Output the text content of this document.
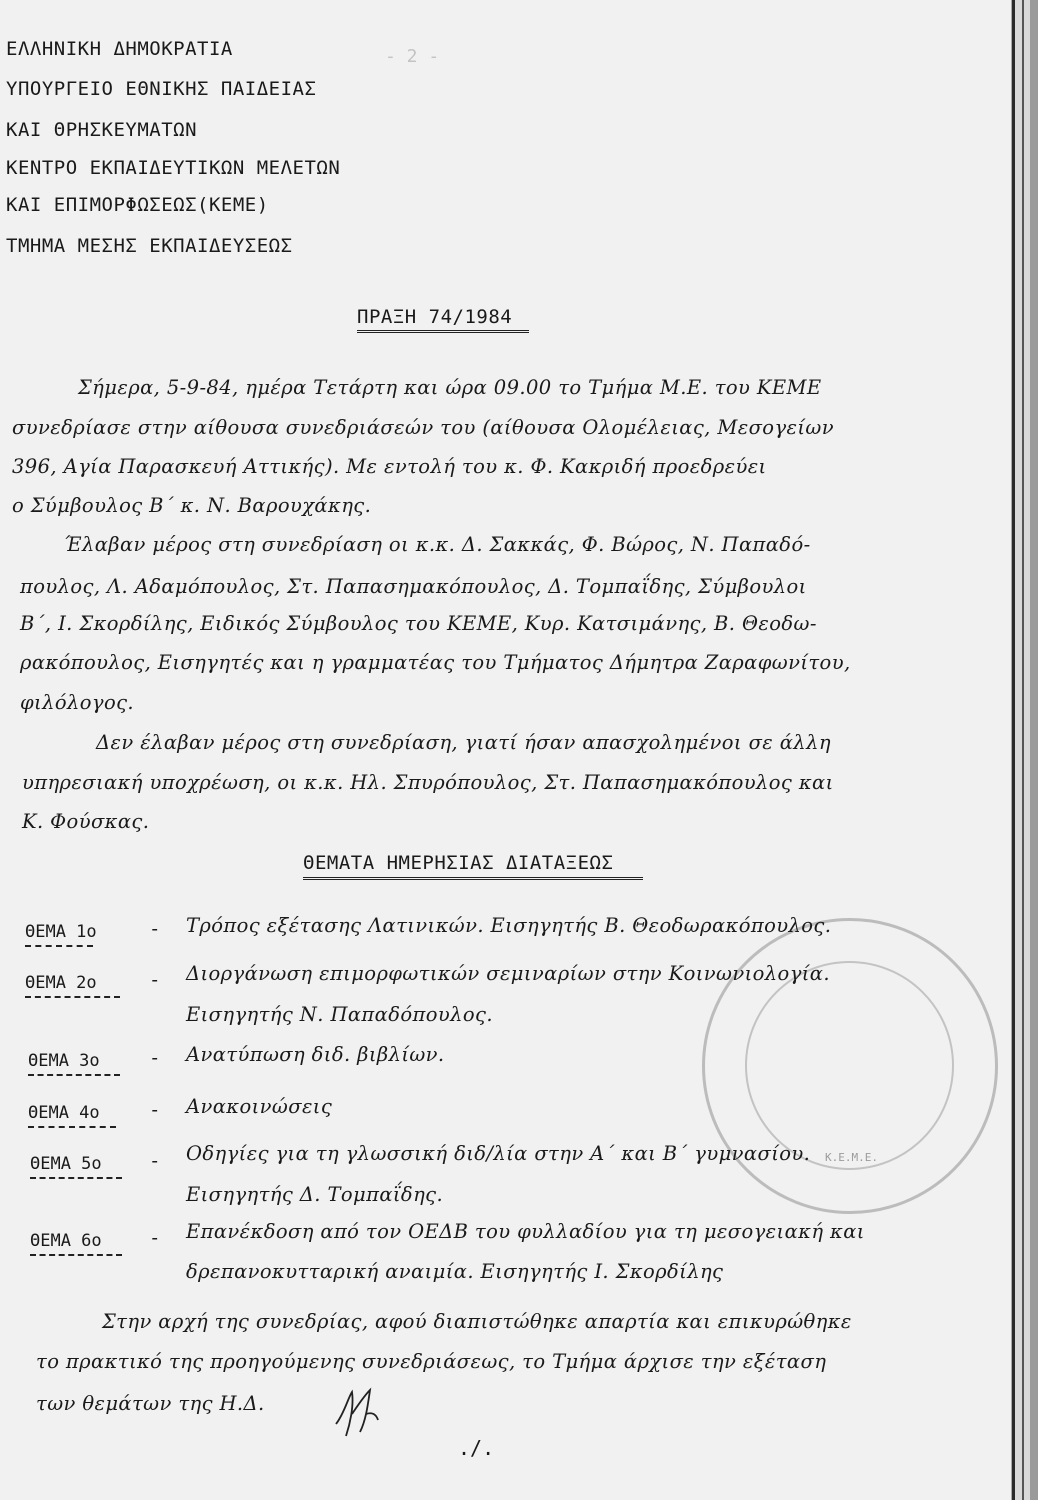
- 2 -
ΕΛΛΗΝΙΚΗ ΔΗΜΟΚΡΑΤΙΑ
ΥΠΟΥΡΓΕΙΟ ΕΘΝΙΚΗΣ ΠΑΙΔΕΙΑΣ
ΚΑΙ ΘΡΗΣΚΕΥΜΑΤΩΝ
ΚΕΝΤΡΟ ΕΚΠΑΙΔΕΥΤΙΚΩΝ ΜΕΛΕΤΩΝ
ΚΑΙ ΕΠΙΜΟΡΦΩΣΕΩΣ(ΚΕΜΕ)
ΤΜΗΜΑ ΜΕΣΗΣ ΕΚΠΑΙΔΕΥΣΕΩΣ
ΠΡΑΞΗ 74/1984
Σήμερα, 5-9-84, ημέρα Τετάρτη και ώρα 09.00 το Τμήμα Μ.Ε. του ΚΕΜΕ
συνεδρίασε στην αίθουσα συνεδριάσεών του (αίθουσα Ολομέλειας, Μεσογείων
396, Αγία Παρασκευή Αττικής). Με εντολή του κ. Φ. Κακριδή προεδρεύει
ο Σύμβουλος Β΄ κ. Ν. Βαρουχάκης.
Έλαβαν μέρος στη συνεδρίαση οι κ.κ. Δ. Σακκάς, Φ. Βώρος, Ν. Παπαδό-
πουλος, Λ. Αδαμόπουλος, Στ. Παπασημακόπουλος, Δ. Τομπαΐδης, Σύμβουλοι
Β΄, Ι. Σκορδίλης, Ειδικός Σύμβουλος του ΚΕΜΕ, Κυρ. Κατσιμάνης, Β. Θεοδω-
ρακόπουλος, Εισηγητές και η γραμματέας του Τμήματος Δήμητρα Ζαραφωνίτου,
φιλόλογος.
Δεν έλαβαν μέρος στη συνεδρίαση, γιατί ήσαν απασχολημένοι σε άλλη
υπηρεσιακή υποχρέωση, οι κ.κ. Ηλ. Σπυρόπουλος, Στ. Παπασημακόπουλος και
Κ. Φούσκας.
ΘΕΜΑΤΑ ΗΜΕΡΗΣΙΑΣ ΔΙΑΤΑΞΕΩΣ
Κ.Ε.Μ.Ε.
ΘΕΜΑ 1ο	- Τρόπος εξέτασης Λατινικών. Εισηγητής Β. Θεοδωρακόπουλος.
ΘΕΜΑ 2ο	- Διοργάνωση επιμορφωτικών σεμιναρίων στην Κοινωνιολογία.
Εισηγητής Ν. Παπαδόπουλος.
ΘΕΜΑ 3ο	- Ανατύπωση διδ. βιβλίων.
ΘΕΜΑ 4ο	- Ανακοινώσεις
ΘΕΜΑ 5ο - Οδηγίες για τη γλωσσική διδ/λία στην Α΄ και Β΄ γυμνασίου.
Εισηγητής Δ. Τομπαΐδης.
ΘΕΜΑ 6ο - Επανέκδοση από τον ΟΕΔΒ του φυλλαδίου για τη μεσογειακή και
δρεπανοκυτταρική αναιμία. Εισηγητής Ι. Σκορδίλης
Στην αρχή της συνεδρίας, αφού διαπιστώθηκε απαρτία και επικυρώθηκε
το πρακτικό της προηγούμενης συνεδριάσεως, το Τμήμα άρχισε την εξέταση
των θεμάτων της Η.Δ.
./.
